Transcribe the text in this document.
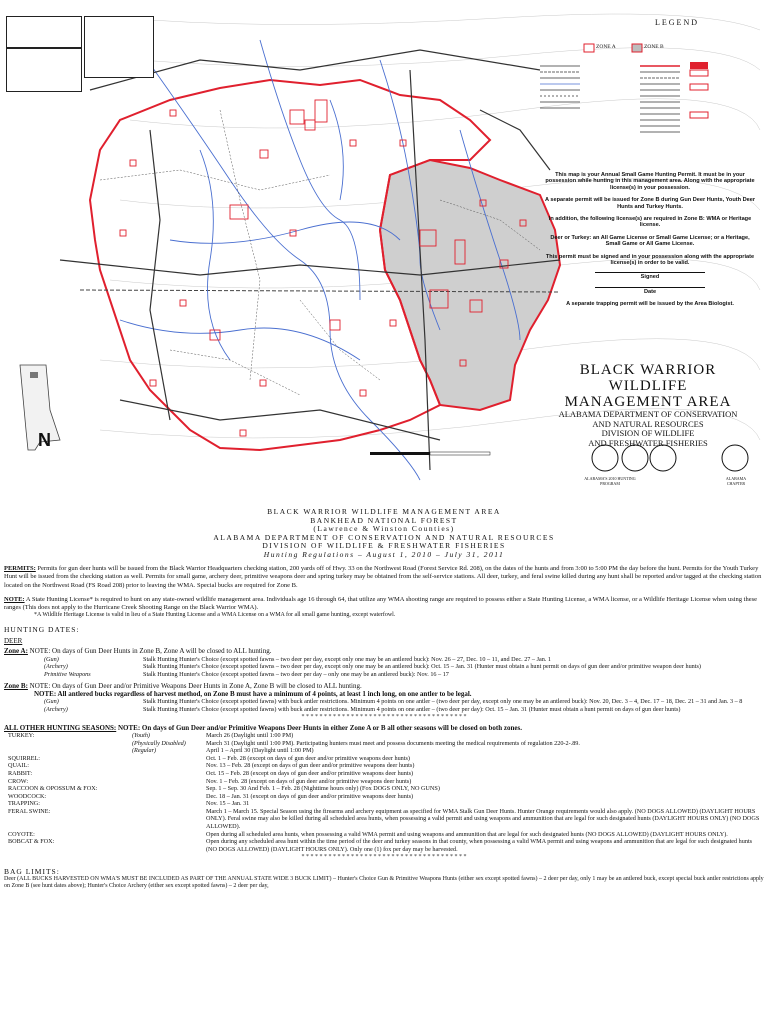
N
LEGEND
ZONE A	ZONE B

This map is your Annual Small Game Hunting Permit. It must be in your possession while hunting in this management area. Along with the appropriate license(s) in your possession.

A separate permit will be issued for Zone B during Gun Deer Hunts, Youth Deer Hunts and Turkey Hunts.

In addition, the following license(s) are required in Zone B: WMA or Heritage license.

Deer or Turkey: an All Game License or Small Game License; or a Heritage, Small Game or All Game License.

This permit must be signed and in your possession along with the appropriate license(s) in order to be valid.

Signed
Date

A separate trapping permit will be issued by the Area Biologist.

BLACK WARRIOR
WILDLIFE MANAGEMENT AREA
ALABAMA DEPARTMENT OF CONSERVATION
AND NATURAL RESOURCES
DIVISION OF WILDLIFE
AND FRESHWATER FISHERIES
ALABAMA'S 2010 HUNTING PROGRAM
ALABAMA CHAPTER
BLACK WARRIOR WILDLIFE MANAGEMENT AREA
BANKHEAD NATIONAL FOREST
(Lawrence & Winston Counties)
ALABAMA DEPARTMENT OF CONSERVATION AND NATURAL RESOURCES
DIVISION OF WILDLIFE & FRESHWATER FISHERIES
Hunting Regulations – August 1, 2010 – July 31, 2011
PERMITS: Permits for gun deer hunts will be issued from the Black Warrior Headquarters checking station, 200 yards off of Hwy. 33 on the Northwest Road (Forest Service Rd. 208), on the dates of the hunts and from 3:00 to 5:00 PM the day before the hunt. Permits for the Youth Turkey Hunt will be issued from the checking station as well. Permits for small game, archery deer, primitive weapons deer and spring turkey may be obtained from the self-service stations. All deer, turkey, and feral swine killed during any hunt shall be reported and/or tagged at the checking station located on the Northwest Road (FS Road 208) prior to leaving the WMA. Special bucks are required for Zone B.
NOTE: A State Hunting License* is required to hunt on any state-owned wildlife management area. Individuals age 16 through 64, that utilize any WMA shooting range are required to possess either a State Hunting License, a WMA license, or a Wildlife Heritage License when using these ranges (This does not apply to the Hurricane Creek Shooting Range on the Black Warrior WMA).
*A Wildlife Heritage License is valid in lieu of a State Hunting License and a WMA License on a WMA for all small game hunting, except waterfowl.
HUNTING DATES:
DEER
Zone A: NOTE: On days of Gun Deer Hunts in Zone B, Zone A will be closed to ALL hunting.
(Gun)	Stalk Hunting Hunter's Choice (except spotted fawns – two deer per day, except only one may be an antlered buck): Nov. 26 – 27, Dec. 10 – 11, and Dec. 27 – Jan. 1
(Archery)	Stalk Hunting Hunter's Choice (except spotted fawns – two deer per day, except only one may be an antlered buck): Oct. 15 – Jan. 31 (Hunter must obtain a hunt permit on days of gun deer and/or primitive weapon deer hunts)
Primitive Weapons	Stalk Hunting Hunter's Choice (except spotted fawns – two deer per day – only one may be an antlered buck): Nov. 16 – 17
Zone B: NOTE: On days of Gun Deer and/or Primitive Weapons Deer Hunts in Zone A, Zone B will be closed to ALL hunting.
NOTE: All antlered bucks regardless of harvest method, on Zone B must have a minimum of 4 points, at least 1 inch long, on one antler to be legal.
(Gun)	Stalk Hunting Hunter's Choice (except spotted fawns) with buck antler restrictions. Minimum 4 points on one antler – (two deer per day, except only one may be an antlered buck): Nov. 20, Dec. 3 – 4, Dec. 17 – 18, Dec. 21 – 31 and Jan. 3 – 8
(Archery)	Stalk Hunting Hunter's Choice (except spotted fawns) with buck antler restrictions. Minimum 4 points on one antler – (two deer per day): Oct. 15 – Jan. 31 (Hunter must obtain a hunt permit on days of gun deer hunts)
* * * * * * * * * * * * * * * * * * * * * * * * * * * * * * * * * * * * *
ALL OTHER HUNTING SEASONS: NOTE: On days of Gun Deer and/or Primitive Weapons Deer Hunts in either Zone A or B all other seasons will be closed on both zones.
TURKEY:	(Youth)	March 26 (Daylight until 1:00 PM)
	(Physically Disabled)	March 31 (Daylight until 1:00 PM). Participating hunters must meet and possess documents meeting the medical requirements of regulation 220-2-.89.
	(Regular)	April 1 – April 30 (Daylight until 1:00 PM)
SQUIRREL:		Oct. 1 – Feb. 28 (except on days of gun deer and/or primitive weapons deer hunts)
QUAIL:		Nov. 13 – Feb. 28 (except on days of gun deer and/or primitive weapons deer hunts)
RABBIT:		Oct. 15 – Feb. 28 (except on days of gun deer and/or primitive weapons deer hunts)
CROW:		Nov. 1 – Feb. 28 (except on days of gun deer and/or primitive weapons deer hunts)
RACCOON & OPOSSUM & FOX:		Sep. 1 – Sep. 30 And Feb. 1 – Feb. 28 (Nighttime hours only) (Fox DOGS ONLY, NO GUNS)
WOODCOCK:		Dec. 18 – Jan. 31 (except on days of gun deer and/or primitive weapons deer hunts)
TRAPPING:		Nov. 15 – Jan. 31
FERAL SWINE:		March 1 – March 15. Special Season using the firearms and archery equipment as specified for WMA Stalk Gun Deer Hunts. Hunter Orange requirements would also apply. (NO DOGS ALLOWED) (DAYLIGHT HOURS ONLY). Feral swine may also be killed during all scheduled area hunts, when possessing a valid permit and using weapons and ammunition that are legal for such designated hunts (DAYLIGHT HOURS ONLY) (NO DOGS ALLOWED).
COYOTE:		Open during all scheduled area hunts, when possessing a valid WMA permit and using weapons and ammunition that are legal for such designated hunts (NO DOGS ALLOWED) (DAYLIGHT HOURS ONLY).
BOBCAT & FOX:		Open during any scheduled area hunt within the time period of the deer and turkey seasons in that county, when possessing a valid WMA permit and using weapons and ammunition that are legal for such designated hunts (NO DOGS ALLOWED) (DAYLIGHT HOURS ONLY). Only one (1) fox per day may be harvested.
* * * * * * * * * * * * * * * * * * * * * * * * * * * * * * * * * * * * *
BAG LIMITS:
Deer (ALL BUCKS HARVESTED ON WMA'S MUST BE INCLUDED AS PART OF THE ANNUAL STATE WIDE 3 BUCK LIMIT) – Hunter's Choice Gun & Primitive Weapons Hunts (either sex except spotted fawns) – 2 deer per day, only 1 may be an antlered buck, except special buck antler restrictions apply on Zone B (see hunt dates above); Hunter's Choice Archery (either sex except spotted fawns) – 2 deer per day,
